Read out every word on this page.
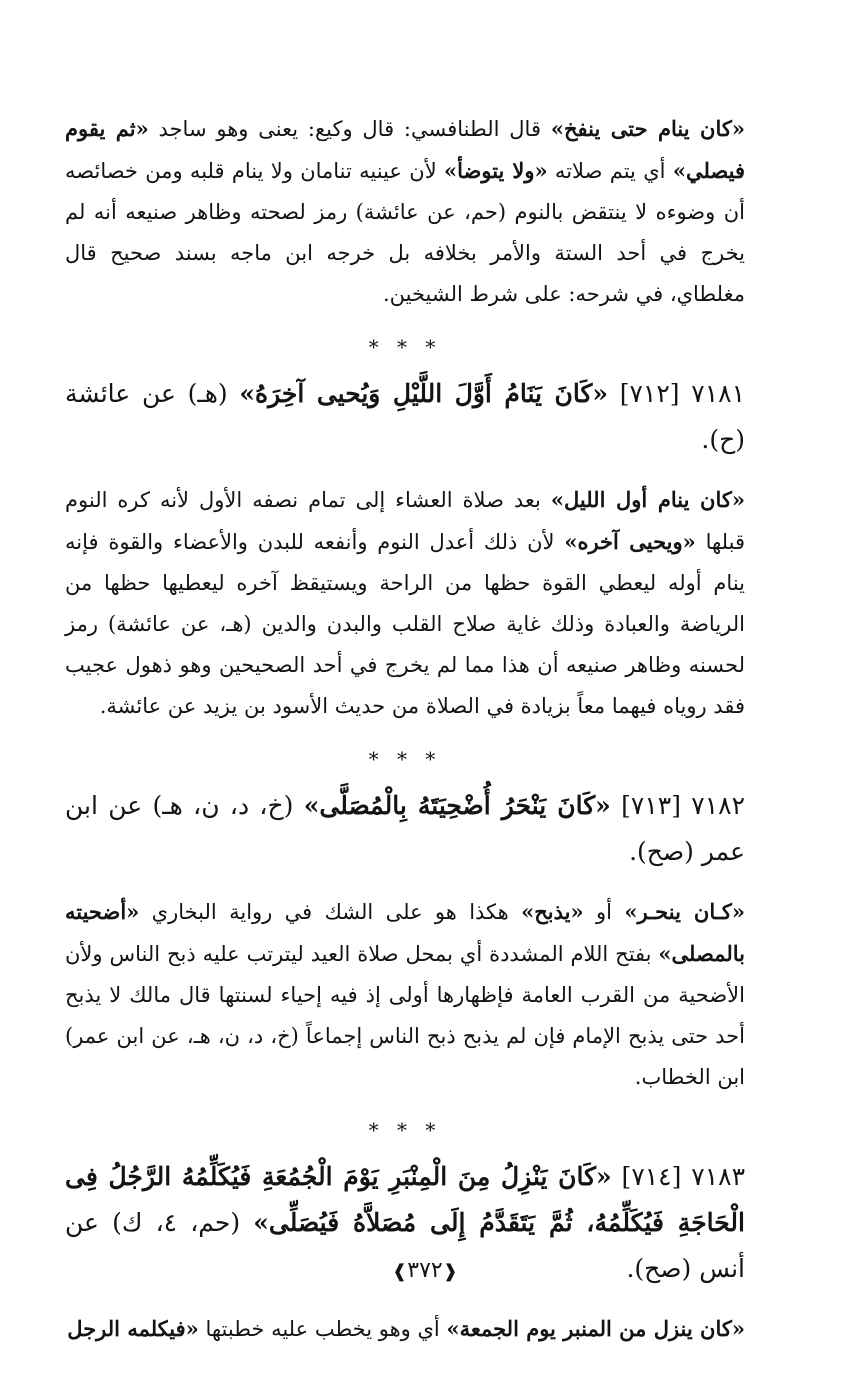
«كان ينام حتى ينفخ» قال الطنافسي: قال وكيع: يعنى وهو ساجد «ثم يقوم فيصلي» أي يتم صلاته «ولا يتوضأ» لأن عينيه تنامان ولا ينام قلبه ومن خصائصه أن وضوءه لا ينتقض بالنوم (حم، عن عائشة) رمز لصحته وظاهر صنيعه أنه لم يخرج في أحد الستة والأمر بخلافه بل خرجه ابن ماجه بسند صحيح قال مغلطاي، في شرحه: على شرط الشيخين.

* * *

٧١٨١ [٧١٢] «كَانَ يَنَامُ أَوَّلَ اللَّيْلِ وَيُحيى آخِرَهُ» (هـ) عن عائشة (ح).

«كان ينام أول الليل» بعد صلاة العشاء إلى تمام نصفه الأول لأنه كره النوم قبلها «ويحيى آخره» لأن ذلك أعدل النوم وأنفعه للبدن والأعضاء والقوة فإنه ينام أوله ليعطي القوة حظها من الراحة ويستيقظ آخره ليعطيها حظها من الرياضة والعبادة وذلك غاية صلاح القلب والبدن والدين (هـ، عن عائشة) رمز لحسنه وظاهر صنيعه أن هذا مما لم يخرج في أحد الصحيحين وهو ذهول عجيب فقد روياه فيهما معاً بزيادة في الصلاة من حديث الأسود بن يزيد عن عائشة.

* * *

٧١٨٢ [٧١٣] «كَانَ يَنْحَرُ أُضْحِيَتَهُ بِالْمُصَلَّى» (خ، د، ن، هـ) عن ابن عمر (صح).

«كـان ينحـر» أو «يذبح» هكذا هو على الشك في رواية البخاري «أضحيته بالمصلى» بفتح اللام المشددة أي بمحل صلاة العيد ليترتب عليه ذبح الناس ولأن الأضحية من القرب العامة فإظهارها أولى إذ فيه إحياء لسنتها قال مالك لا يذبح أحد حتى يذبح الإمام فإن لم يذبح ذبح الناس إجماعاً (خ، د، ن، هـ، عن ابن عمر) ابن الخطاب.

* * *

٧١٨٣ [٧١٤] «كَانَ يَنْزِلُ مِنَ الْمِنْبَرِ يَوْمَ الْجُمُعَةِ فَيُكَلِّمُهُ الرَّجُلُ فِى الْحَاجَةِ فَيُكَلِّمُهُ، ثُمَّ يَتَقَدَّمُ إِلَى مُصَلاَّهُ فَيُصَلِّى» (حم، ٤، ك) عن أنس (صح).

«كان ينزل من المنبر يوم الجمعة» أي وهو يخطب عليه خطبتها «فيكلمه الرجل

❰٣٧٢❱
